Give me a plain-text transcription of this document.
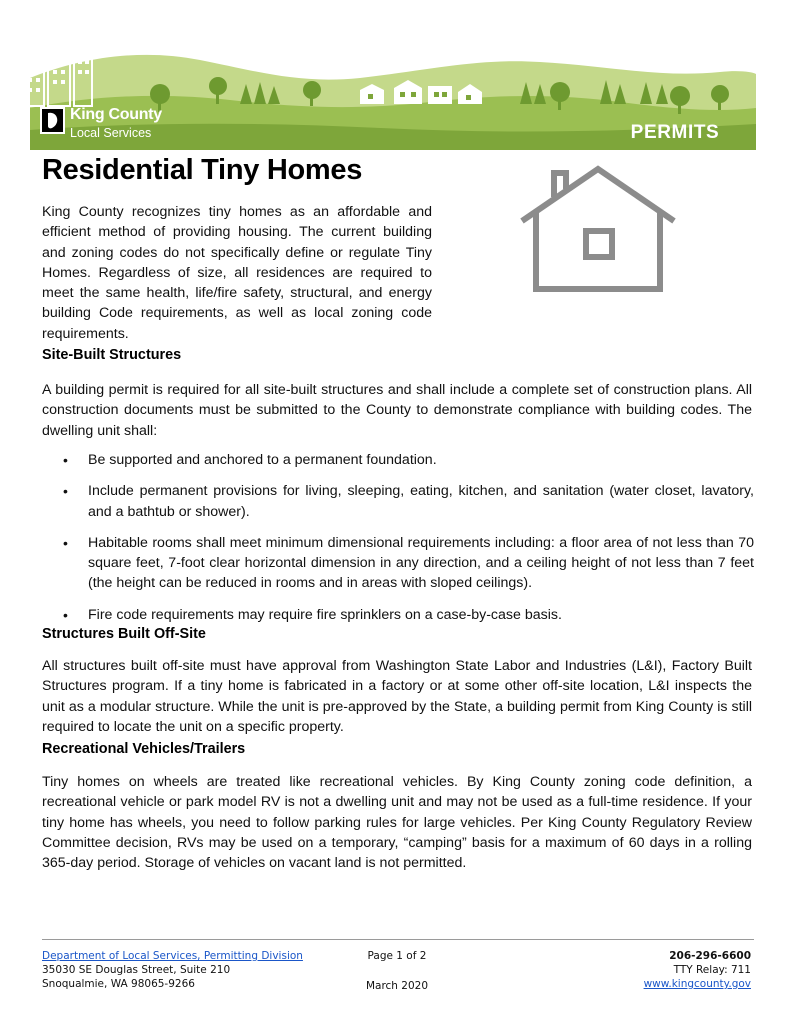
King County
Local Services	PERMITS
Residential Tiny Homes

King County recognizes tiny homes as an affordable and efficient method of providing housing. The current building and zoning codes do not specifically define or regulate Tiny Homes. Regardless of size, all residences are required to meet the same health, life/fire safety, structural, and energy building Code requirements, as well as local zoning code requirements.

Site-Built Structures

A building permit is required for all site-built structures and shall include a complete set of construction plans. All construction documents must be submitted to the County to demonstrate compliance with building codes. The dwelling unit shall:

• Be supported and anchored to a permanent foundation.
• Include permanent provisions for living, sleeping, eating, kitchen, and sanitation (water closet, lavatory, and a bathtub or shower).
• Habitable rooms shall meet minimum dimensional requirements including: a floor area of not less than 70 square feet, 7-foot clear horizontal dimension in any direction, and a ceiling height of not less than 7 feet (the height can be reduced in rooms and in areas with sloped ceilings).
• Fire code requirements may require fire sprinklers on a case-by-case basis.
Structures Built Off-Site

All structures built off-site must have approval from Washington State Labor and Industries (L&I), Factory Built Structures program. If a tiny home is fabricated in a factory or at some other off-site location, L&I inspects the unit as a modular structure. While the unit is pre-approved by the State, a building permit from King County is still required to locate the unit on a specific property.

Recreational Vehicles/Trailers

Tiny homes on wheels are treated like recreational vehicles. By King County zoning code definition, a recreational vehicle or park model RV is not a dwelling unit and may not be used as a full-time residence. If your tiny home has wheels, you need to follow parking rules for large vehicles. Per King County Regulatory Review Committee decision, RVs may be used on a temporary, “camping” basis for a maximum of 60 days in a rolling 365-day period. Storage of vehicles on vacant land is not permitted.

Department of Local Services, Permitting Division
35030 SE Douglas Street, Suite 210
Snoqualmie, WA 98065-9266
Page 1 of 2
March 2020
206-296-6600
TTY Relay: 711
www.kingcounty.gov
